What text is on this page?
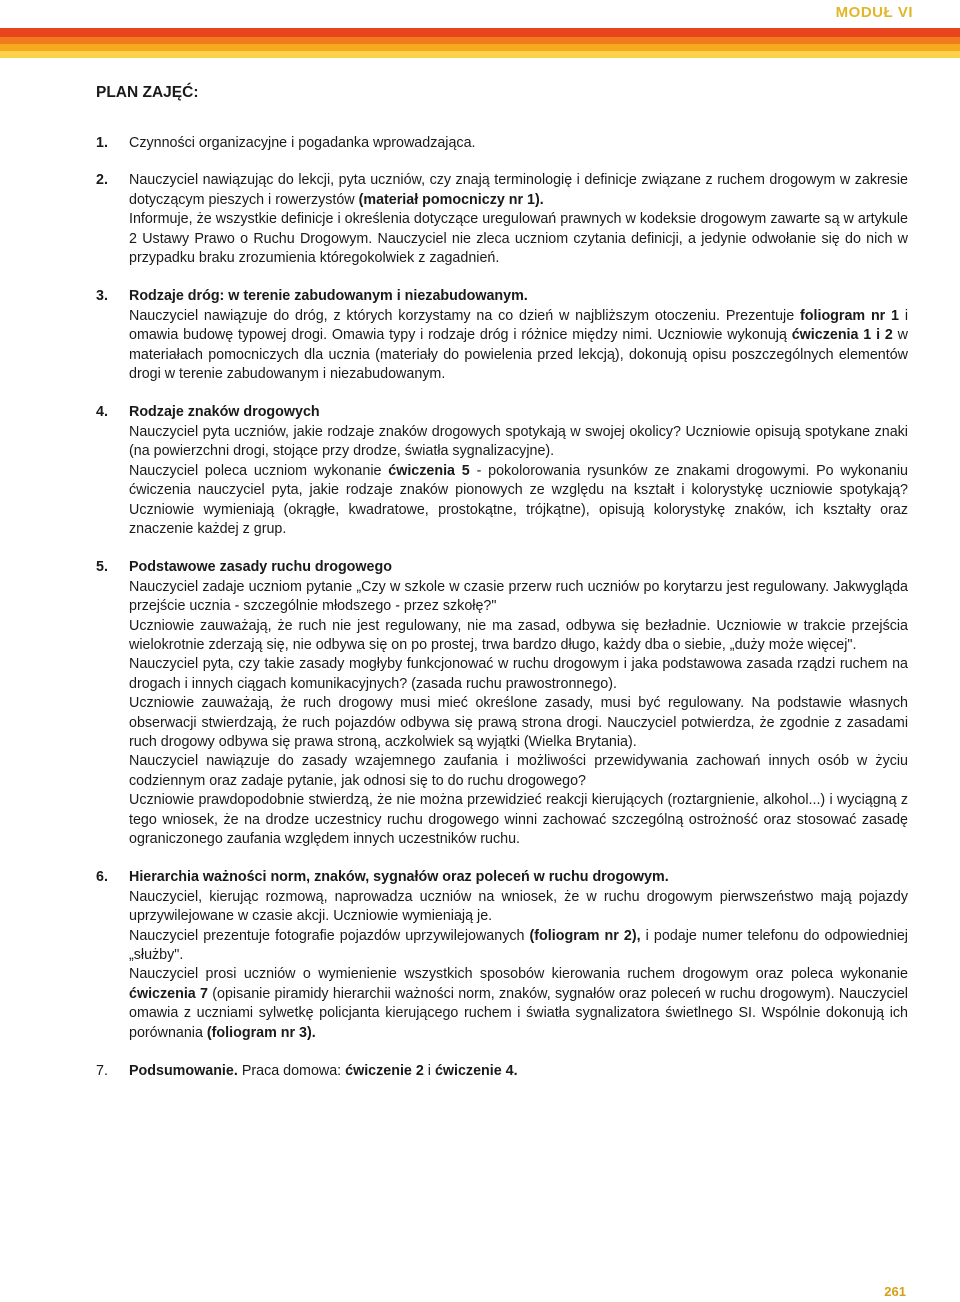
MODUŁ VI
PLAN ZAJĘĆ:
1. Czynności organizacyjne i pogadanka wprowadzająca.

2. Nauczyciel nawiązując do lekcji, pyta uczniów, czy znają terminologię i definicje związane z ruchem drogowym w zakresie dotyczącym pieszych i rowerzystów (materiał pomocniczy nr 1).

Informuje, że wszystkie definicje i określenia dotyczące uregulowań prawnych w kodeksie drogowym zawarte są w artykule 2 Ustawy Prawo o Ruchu Drogowym. Nauczyciel nie zleca uczniom czytania definicji, a jedynie odwołanie się do nich w przypadku braku zrozumienia któregokolwiek z zagadnień.

3. Rodzaje dróg: w terenie zabudowanym i niezabudowanym.

Nauczyciel nawiązuje do dróg, z których korzystamy na co dzień w najbliższym otoczeniu. Prezentuje foliogram nr 1 i omawia budowę typowej drogi. Omawia typy i rodzaje dróg i różnice między nimi. Uczniowie wykonują ćwiczenia 1 i 2 w materiałach pomocniczych dla ucznia (materiały do powielenia przed lekcją), dokonują opisu poszczególnych elementów drogi w terenie zabudowanym i niezabudowanym.

4. Rodzaje znaków drogowych

Nauczyciel pyta uczniów, jakie rodzaje znaków drogowych spotykają w swojej okolicy? Uczniowie opisują spotykane znaki (na powierzchni drogi, stojące przy drodze, światła sygnalizacyjne).

Nauczyciel poleca uczniom wykonanie ćwiczenia 5 - pokolorowania rysunków ze znakami drogowymi. Po wykonaniu ćwiczenia nauczyciel pyta, jakie rodzaje znaków pionowych ze względu na kształt i kolorystykę uczniowie spotykają? Uczniowie wymieniają (okrągłe, kwadratowe, prostokątne, trójkątne), opisują kolorystykę znaków, ich kształty oraz znaczenie każdej z grup.

5. Podstawowe zasady ruchu drogowego

Nauczyciel zadaje uczniom pytanie „Czy w szkole w czasie przerw ruch uczniów po korytarzu jest regulowany. Jakwygląda przejście ucznia - szczególnie młodszego - przez szkołę?"

Uczniowie zauważają, że ruch nie jest regulowany, nie ma zasad, odbywa się bezładnie. Uczniowie w trakcie przejścia wielokrotnie zderzają się, nie odbywa się on po prostej, trwa bardzo długo, każdy dba o siebie, „duży może więcej".

Nauczyciel pyta, czy takie zasady mogłyby funkcjonować w ruchu drogowym i jaka podstawowa zasada rządzi ruchem na drogach i innych ciągach komunikacyjnych? (zasada ruchu prawostronnego).

Uczniowie zauważają, że ruch drogowy musi mieć określone zasady, musi być regulowany. Na podstawie własnych obserwacji stwierdzają, że ruch pojazdów odbywa się prawą strona drogi. Nauczyciel potwierdza, że zgodnie z zasadami ruch drogowy odbywa się prawa stroną, aczkolwiek są wyjątki (Wielka Brytania).

Nauczyciel nawiązuje do zasady wzajemnego zaufania i możliwości przewidywania zachowań innych osób w życiu codziennym oraz zadaje pytanie, jak odnosi się to do ruchu drogowego?

Uczniowie prawdopodobnie stwierdzą, że nie można przewidzieć reakcji kierujących (roztargnienie, alkohol...) i wyciągną z tego wniosek, że na drodze uczestnicy ruchu drogowego winni zachować szczególną ostrożność oraz stosować zasadę ograniczonego zaufania względem innych uczestników ruchu.

6. Hierarchia ważności norm, znaków, sygnałów oraz poleceń w ruchu drogowym.

Nauczyciel, kierując rozmową, naprowadza uczniów na wniosek, że w ruchu drogowym pierwszeństwo mają pojazdy uprzywilejowane w czasie akcji. Uczniowie wymieniają je.

Nauczyciel prezentuje fotografie pojazdów uprzywilejowanych (foliogram nr 2), i podaje numer telefonu do odpowiedniej „służby".

Nauczyciel prosi uczniów o wymienienie wszystkich sposobów kierowania ruchem drogowym oraz poleca wykonanie ćwiczenia 7 (opisanie piramidy hierarchii ważności norm, znaków, sygnałów oraz poleceń w ruchu drogowym). Nauczyciel omawia z uczniami sylwetkę policjanta kierującego ruchem i światła sygnalizatora świetlnego SI. Wspólnie dokonują ich porównania (foliogram nr 3).

7. Podsumowanie. Praca domowa: ćwiczenie 2 i ćwiczenie 4.

261
